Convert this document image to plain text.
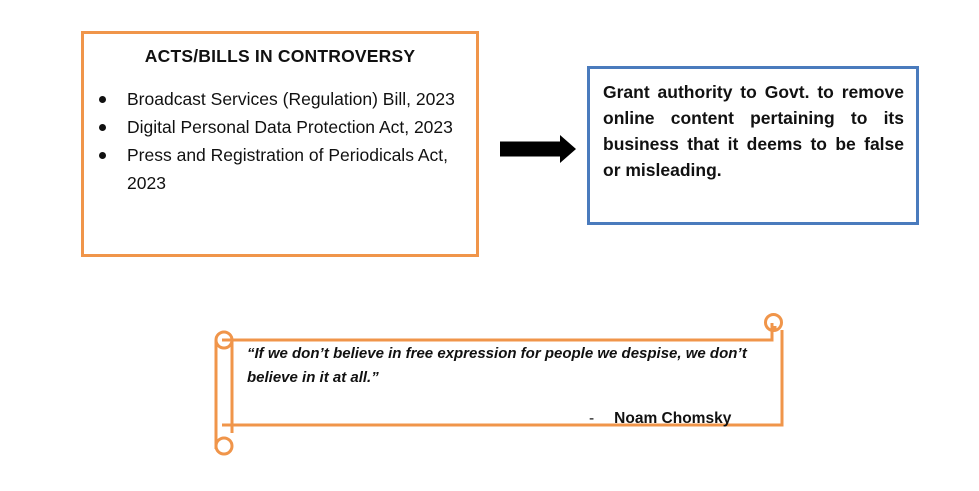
ACTS/BILLS IN CONTROVERSY
Broadcast Services (Regulation) Bill, 2023
Digital Personal Data Protection Act, 2023
Press and Registration of Periodicals Act, 2023
Grant authority to Govt. to remove online content pertaining to its business that it deems to be false or misleading.
“If we don’t believe in free expression for people we despise, we don’t believe in it at all.”
- Noam Chomsky
